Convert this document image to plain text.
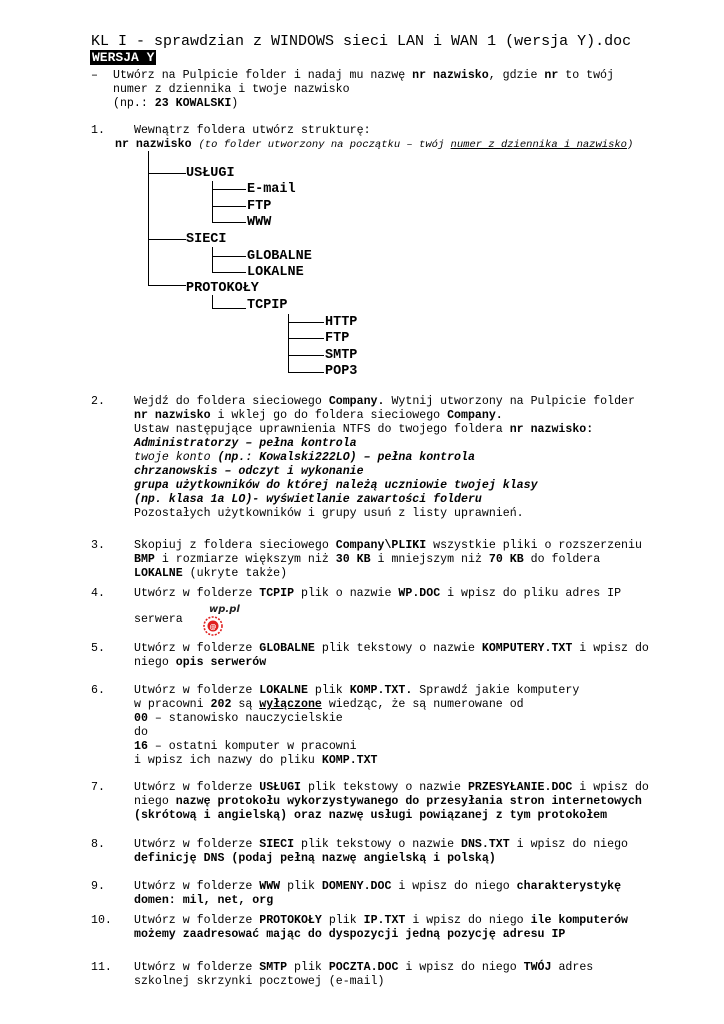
KL I - sprawdzian z WINDOWS sieci LAN i WAN 1 (wersja Y).doc
WERSJA Y
– Utwórz na Pulpicie folder i nadaj mu nazwę nr nazwisko, gdzie nr to twój
numer z dziennika i twoje nazwisko
(np.: 23 KOWALSKI)
1.	Wewnątrz foldera utwórz strukturę:
nr nazwisko (to folder utworzony na początku – twój numer z dziennika i nazwisko)
USŁUGI
E-mail
FTP
WWW
SIECI
GLOBALNE
LOKALNE
PROTOKOŁY
TCPIP
HTTP
FTP
SMTP
POP3
2.	Wejdź do foldera sieciowego Company. Wytnij utworzony na Pulpicie folder
nr nazwisko i wklej go do foldera sieciowego Company.
Ustaw następujące uprawnienia NTFS do twojego foldera nr nazwisko:
Administratorzy – pełna kontrola
twoje konto (np.: Kowalski222LO) – pełna kontrola
chrzanowskis – odczyt i wykonanie
grupa użytkowników do której należą uczniowie twojej klasy
(np. klasa 1a LO)- wyświetlanie zawartości folderu
Pozostałych użytkowników i grupy usuń z listy uprawnień.
3.	Skopiuj z foldera sieciowego Company\PLIKI wszystkie pliki o rozszerzeniu
BMP i rozmiarze większym niż 30 KB i mniejszym niż 70 KB do foldera
LOKALNE (ukryte także)
4.	Utwórz w folderze TCPIP plik o nazwie WP.DOC i wpisz do pliku adres IP
serwera

@

wp.pl

5.	Utwórz w folderze GLOBALNE plik tekstowy o nazwie KOMPUTERY.TXT i wpisz do
niego opis serwerów
6.	Utwórz w folderze LOKALNE plik KOMP.TXT. Sprawdź jakie komputery
w pracowni 202 są wyłączone wiedząc, że są numerowane od
00 – stanowisko nauczycielskie
do
16 – ostatni komputer w pracowni
i wpisz ich nazwy do pliku KOMP.TXT
7.	Utwórz w folderze USŁUGI plik tekstowy o nazwie PRZESYŁANIE.DOC i wpisz do
niego nazwę protokołu wykorzystywanego do przesyłania stron internetowych
(skrótową i angielską) oraz nazwę usługi powiązanej z tym protokołem
8.	Utwórz w folderze SIECI plik tekstowy o nazwie DNS.TXT i wpisz do niego
definicję DNS (podaj pełną nazwę angielską i polską)
9.	Utwórz w folderze WWW plik DOMENY.DOC i wpisz do niego charakterystykę
domen: mil, net, org
10. Utwórz w folderze PROTOKOŁY plik IP.TXT i wpisz do niego ile komputerów
możemy zaadresować mając do dyspozycji jedną pozycję adresu IP
11. Utwórz w folderze SMTP plik POCZTA.DOC i wpisz do niego TWÓJ adres
szkolnej skrzynki pocztowej (e-mail)
